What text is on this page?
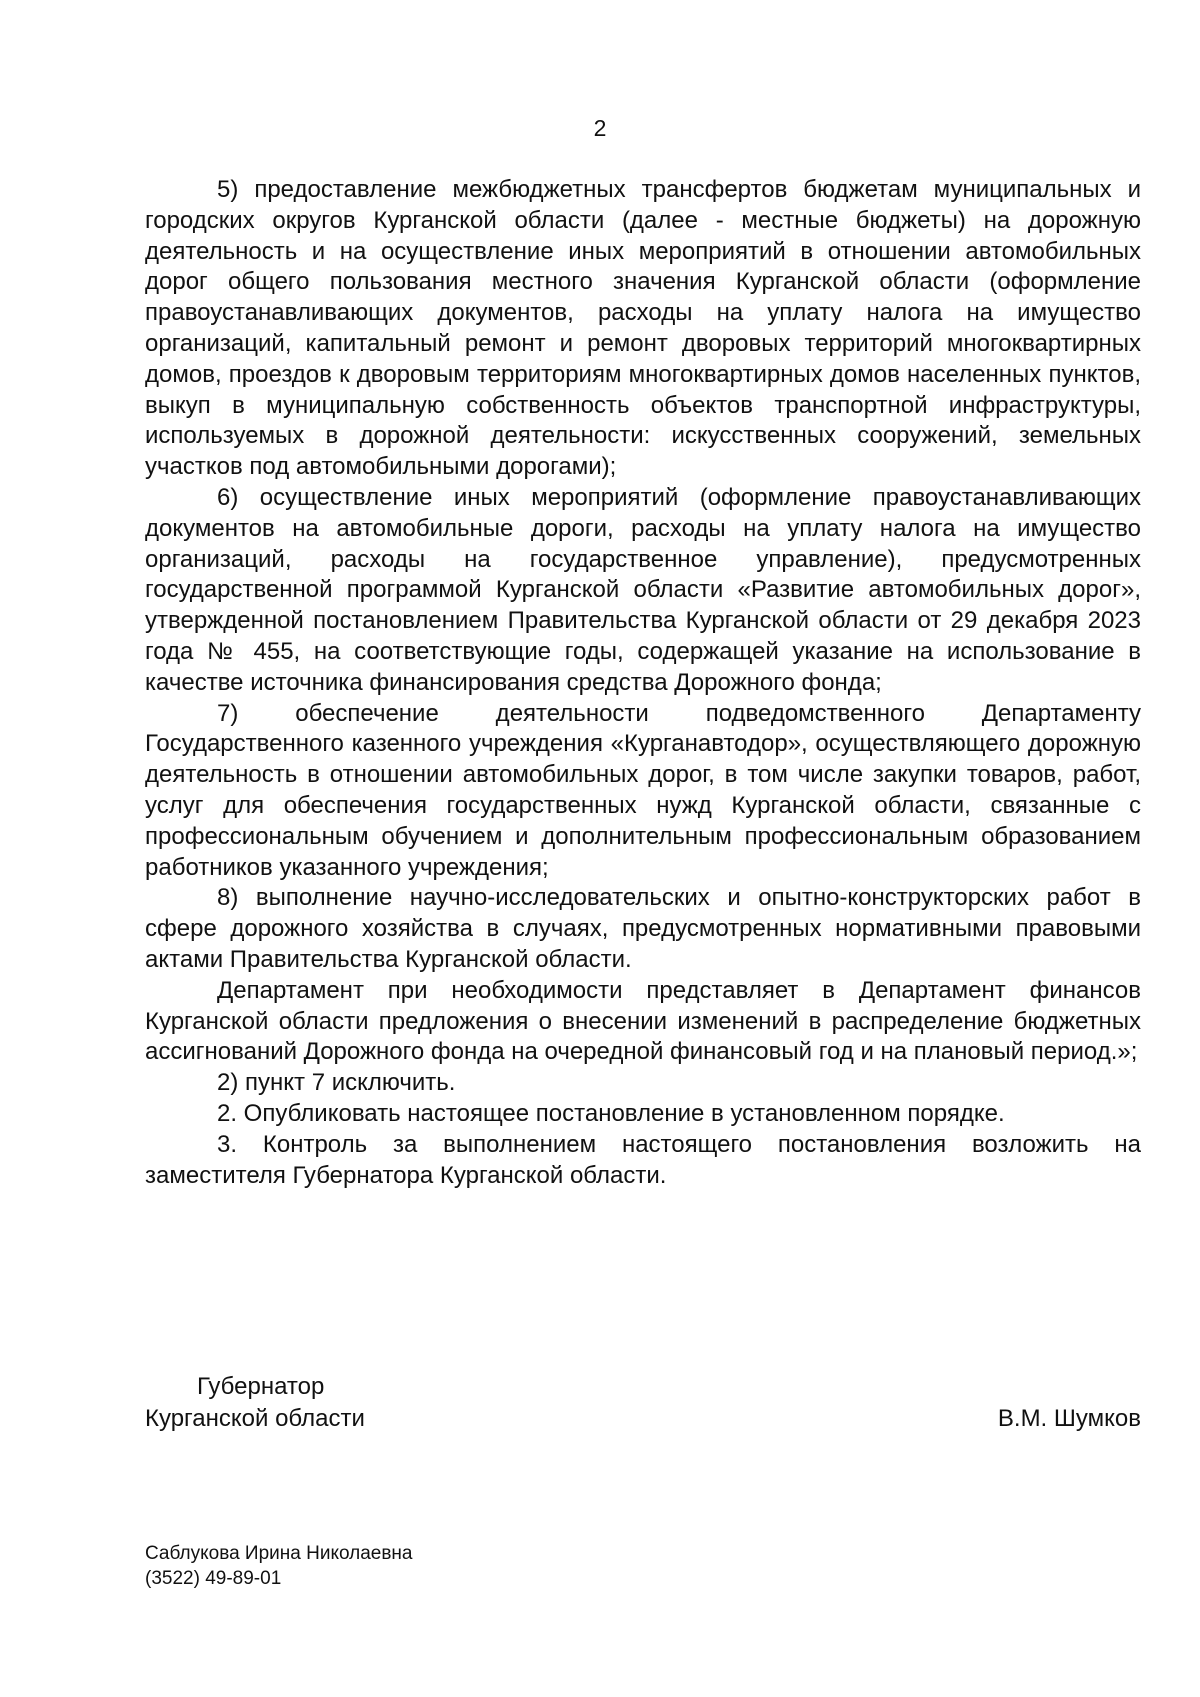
2

5) предоставление межбюджетных трансфертов бюджетам муниципальных и городских округов Курганской области (далее - местные бюджеты) на дорожную деятельность и на осуществление иных мероприятий в отношении автомобильных дорог общего пользования местного значения Курганской области (оформление правоустанавливающих документов, расходы на уплату налога на имущество организаций, капитальный ремонт и ремонт дворовых территорий многоквартирных домов, проездов к дворовым территориям многоквартирных домов населенных пунктов, выкуп в муниципальную собственность объектов транспортной инфраструктуры, используемых в дорожной деятельности: искусственных сооружений, земельных участков под автомобильными дорогами);

6) осуществление иных мероприятий (оформление правоустанавливающих документов на автомобильные дороги, расходы на уплату налога на имущество организаций, расходы на государственное управление), предусмотренных государственной программой Курганской области «Развитие автомобильных дорог», утвержденной постановлением Правительства Курганской области от 29 декабря 2023 года № 455, на соответствующие годы, содержащей указание на использование в качестве источника финансирования средства Дорожного фонда;

7) обеспечение деятельности подведомственного Департаменту Государственного казенного учреждения «Курганавтодор», осуществляющего дорожную деятельность в отношении автомобильных дорог, в том числе закупки товаров, работ, услуг для обеспечения государственных нужд Курганской области, связанные с профессиональным обучением и дополнительным профессиональным образованием работников указанного учреждения;

8) выполнение научно-исследовательских и опытно-конструкторских работ в сфере дорожного хозяйства в случаях, предусмотренных нормативными правовыми актами Правительства Курганской области.

Департамент при необходимости представляет в Департамент финансов Курганской области предложения о внесении изменений в распределение бюджетных ассигнований Дорожного фонда на очередной финансовый год и на плановый период.»;

2) пункт 7 исключить.

2. Опубликовать настоящее постановление в установленном порядке.

3. Контроль за выполнением настоящего постановления возложить на заместителя Губернатора Курганской области.

Губернатор
Курганской области	В.М. Шумков
Саблукова Ирина Николаевна
(3522) 49-89-01
